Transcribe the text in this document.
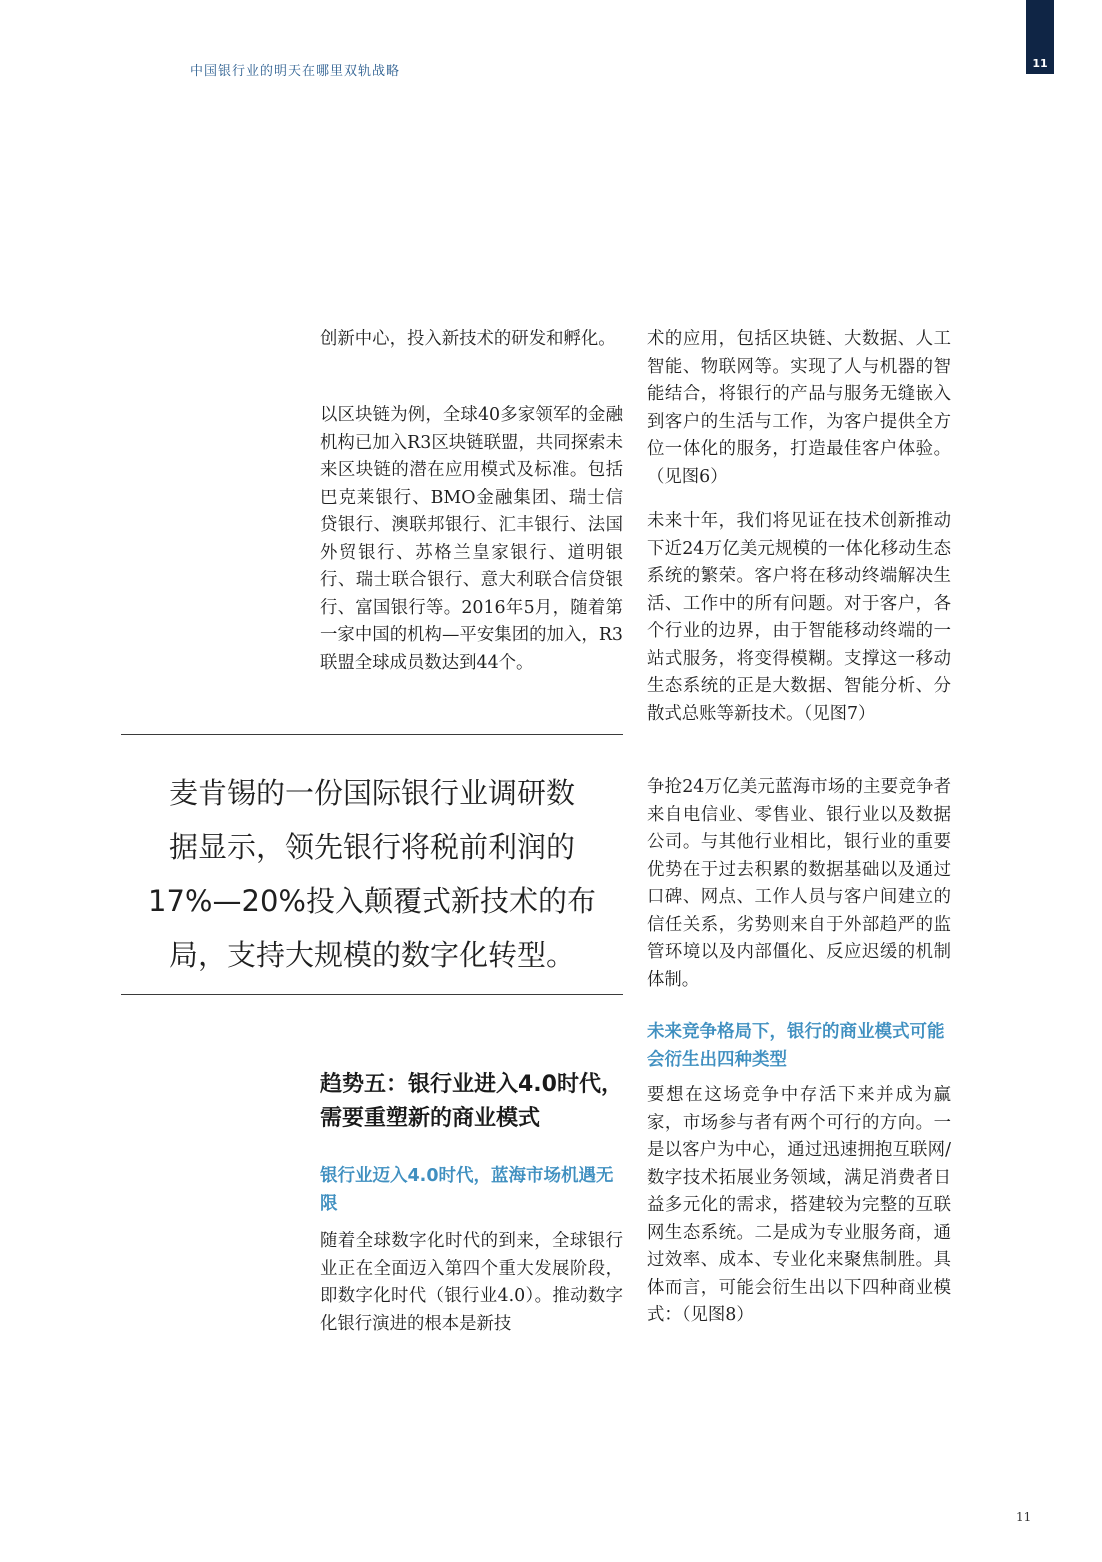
中国银行业的明天在哪里双轨战略
11

创新中心，投入新技术的研发和孵化。

以区块链为例，全球40多家领军的金融机构已加入R3区块链联盟，共同探索未来区块链的潜在应用模式及标准。包括巴克莱银行、BMO金融集团、瑞士信贷银行、澳联邦银行、汇丰银行、法国外贸银行、苏格兰皇家银行、道明银行、瑞士联合银行、意大利联合信贷银行、富国银行等。2016年5月，随着第一家中国的机构—平安集团的加入，R3联盟全球成员数达到44个。

麦肯锡的一份国际银行业调研数
据显示，领先银行将税前利润的
17%—20%投入颠覆式新技术的布
局，支持大规模的数字化转型。
趋势五：银行业进入4.0时代，需要重塑新的商业模式
银行业迈入4.0时代，蓝海市场机遇无限

随着全球数字化时代的到来，全球银行业正在全面迈入第四个重大发展阶段，即数字化时代（银行业4.0）。推动数字化银行演进的根本是新技

术的应用，包括区块链、大数据、人工智能、物联网等。实现了人与机器的智能结合，将银行的产品与服务无缝嵌入到客户的生活与工作，为客户提供全方位一体化的服务，打造最佳客户体验。（见图6）

未来十年，我们将见证在技术创新推动下近24万亿美元规模的一体化移动生态系统的繁荣。客户将在移动终端解决生活、工作中的所有问题。对于客户，各个行业的边界，由于智能移动终端的一站式服务，将变得模糊。支撑这一移动生态系统的正是大数据、智能分析、分散式总账等新技术。（见图7）

争抢24万亿美元蓝海市场的主要竞争者来自电信业、零售业、银行业以及数据公司。与其他行业相比，银行业的重要优势在于过去积累的数据基础以及通过口碑、网点、工作人员与客户间建立的信任关系，劣势则来自于外部趋严的监管环境以及内部僵化、反应迟缓的机制体制。

未来竞争格局下，银行的商业模式可能会衍生出四种类型

要想在这场竞争中存活下来并成为赢家，市场参与者有两个可行的方向。一是以客户为中心，通过迅速拥抱互联网/数字技术拓展业务领域，满足消费者日益多元化的需求，搭建较为完整的互联网生态系统。二是成为专业服务商，通过效率、成本、专业化来聚焦制胜。具体而言，可能会衍生出以下四种商业模式：（见图8）

11
